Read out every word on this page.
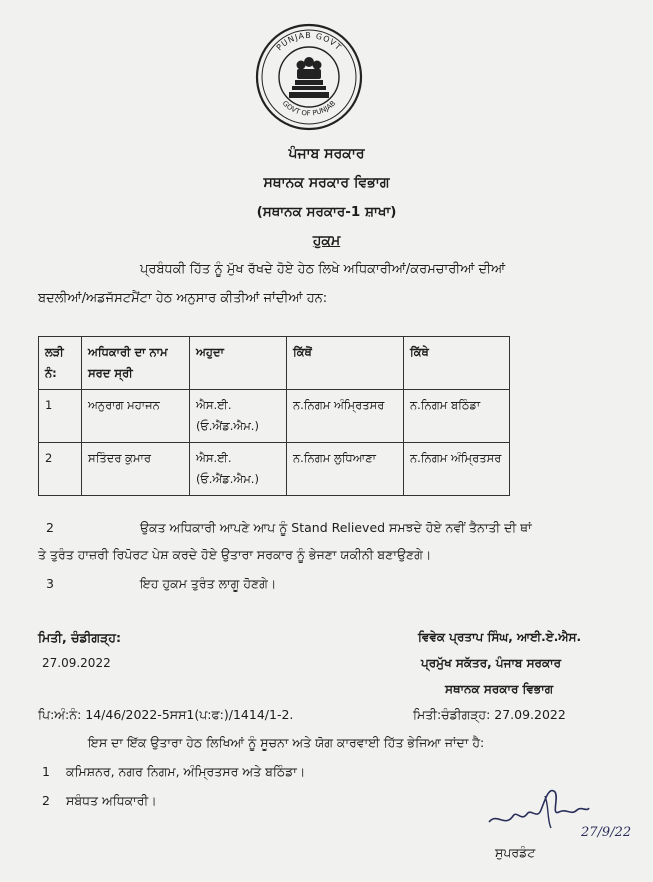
PUNJAB GOVT
GOVT OF PUNJAB
ਪੰਜਾਬ ਸਰਕਾਰ
ਸਥਾਨਕ ਸਰਕਾਰ ਵਿਭਾਗ
(ਸਥਾਨਕ ਸਰਕਾਰ-1 ਸ਼ਾਖਾ)
ਹੁਕਮ
ਪ੍ਰਬੰਧਕੀ ਹਿੱਤ ਨੂੰ ਮੁੱਖ ਰੱਖਦੇ ਹੋਏ ਹੇਠ ਲਿਖੇ ਅਧਿਕਾਰੀਆਂ/ਕਰਮਚਾਰੀਆਂ ਦੀਆਂ
ਬਦਲੀਆਂ/ਅਡਜੱਸਟਮੈਂਟਾ ਹੇਠ ਅਨੁਸਾਰ ਕੀਤੀਆਂ ਜਾਂਦੀਆਂ ਹਨ:
ਲੜੀ ਨੰ:	ਅਧਿਕਾਰੀ ਦਾ ਨਾਮ ਸਰਦ ਸ੍ਰੀ	ਅਹੁਦਾ	ਕਿੱਥੋਂ	ਕਿੱਥੇ
1	ਅਨੁਰਾਗ ਮਹਾਜਨ	ਐਸ.ਈ. (ਓ.ਐਂਡ.ਐਮ.)	ਨ.ਨਿਗਮ ਅੰਮ੍ਰਿਤਸਰ	ਨ.ਨਿਗਮ ਬਠਿੰਡਾ
2	ਸਤਿੰਦਰ ਕੁਮਾਰ	ਐਸ.ਈ. (ਓ.ਐਂਡ.ਐਮ.)	ਨ.ਨਿਗਮ ਲੁਧਿਆਣਾ	ਨ.ਨਿਗਮ ਅੰਮ੍ਰਿਤਸਰ
2	ਉਕਤ ਅਧਿਕਾਰੀ ਆਪਣੇ ਆਪ ਨੂੰ Stand Relieved ਸਮਝਦੇ ਹੋਏ ਨਵੀਂ ਤੈਨਾਤੀ ਦੀ ਥਾਂ
ਤੇ ਤੁਰੰਤ ਹਾਜ਼ਰੀ ਰਿਪੋਰਟ ਪੇਸ਼ ਕਰਦੇ ਹੋਏ ਉਤਾਰਾ ਸਰਕਾਰ ਨੂੰ ਭੇਜਣਾ ਯਕੀਨੀ ਬਣਾਉਣਗੇ।
3	ਇਹ ਹੁਕਮ ਤੁਰੰਤ ਲਾਗੂ ਹੋਣਗੇ।
ਮਿਤੀ, ਚੰਡੀਗੜ੍ਹ:
27.09.2022
ਵਿਵੇਕ ਪ੍ਰਤਾਪ ਸਿੰਘ, ਆਈ.ਏ.ਐਸ.
ਪ੍ਰਮੁੱਖ ਸਕੱਤਰ, ਪੰਜਾਬ ਸਰਕਾਰ
ਸਥਾਨਕ ਸਰਕਾਰ ਵਿਭਾਗ
ਪਿ:ਅੰ:ਨੰ: 14/46/2022-5ਸਸ1(ਪ:ਫ:)/1414/1-2.	ਮਿਤੀ:ਚੰਡੀਗੜ੍ਹ: 27.09.2022
ਇਸ ਦਾ ਇੱਕ ਉਤਾਰਾ ਹੇਠ ਲਿਖਿਆਂ ਨੂੰ ਸੂਚਨਾ ਅਤੇ ਯੋਗ ਕਾਰਵਾਈ ਹਿੱਤ ਭੇਜਿਆ ਜਾਂਦਾ ਹੈ:
1 ਕਮਿਸ਼ਨਰ, ਨਗਰ ਨਿਗਮ, ਅੰਮ੍ਰਿਤਸਰ ਅਤੇ ਬਠਿੰਡਾ।
2 ਸਬੰਧਤ ਅਧਿਕਾਰੀ।
27/9/22
ਸੁਪਰਡੰਟ
